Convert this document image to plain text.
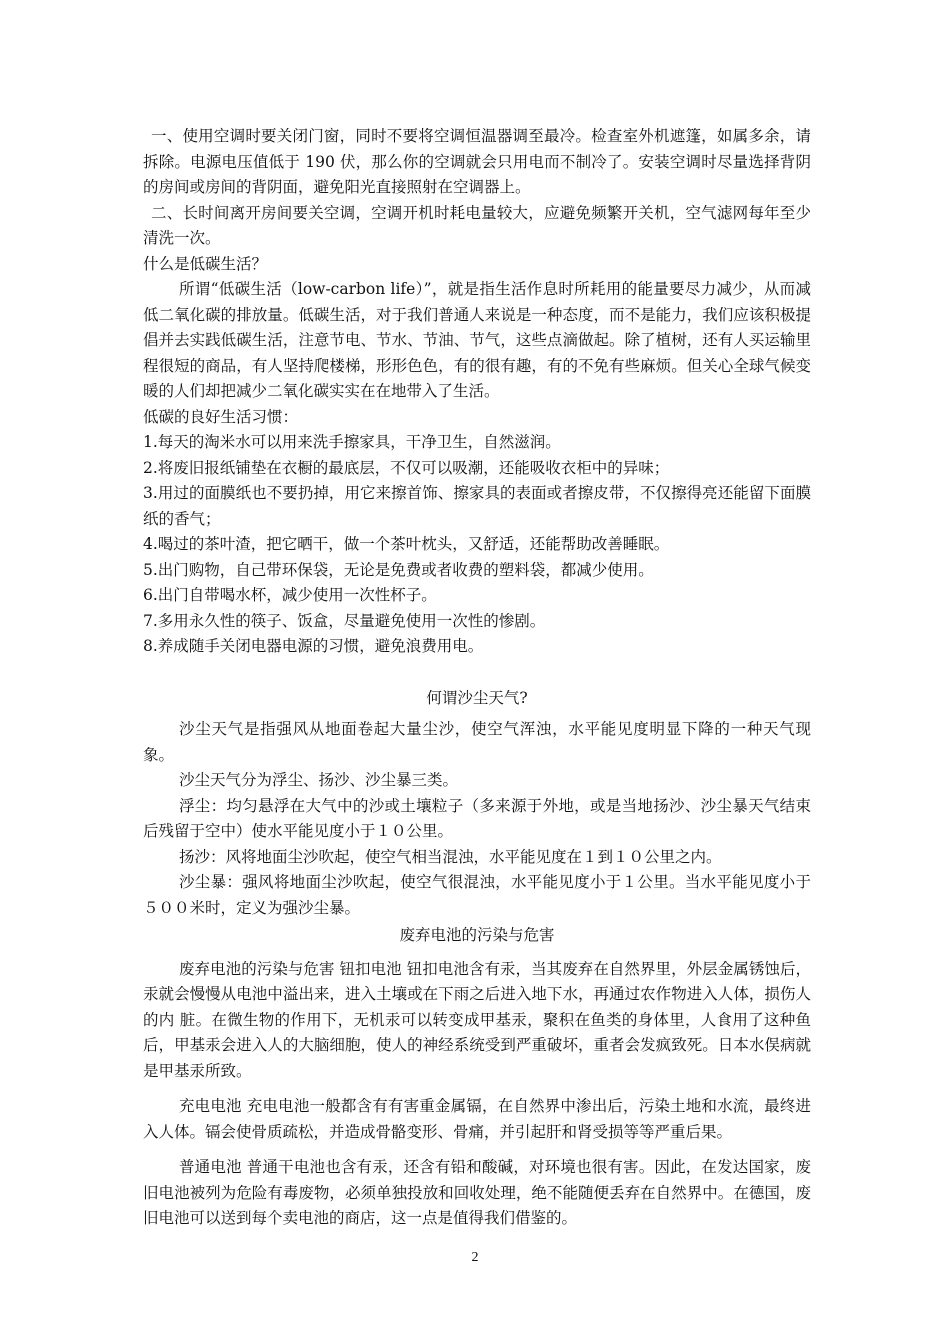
一、使用空调时要关闭门窗，同时不要将空调恒温器调至最冷。检查室外机遮篷，如属多余，请拆除。电源电压值低于 190 伏，那么你的空调就会只用电而不制冷了。安装空调时尽量选择背阴的房间或房间的背阴面，避免阳光直接照射在空调器上。

二、长时间离开房间要关空调，空调开机时耗电量较大，应避免频繁开关机，空气滤网每年至少清洗一次。

什么是低碳生活？

所谓“低碳生活（low-carbon life）”，就是指生活作息时所耗用的能量要尽力减少，从而减低二氧化碳的排放量。低碳生活，对于我们普通人来说是一种态度，而不是能力，我们应该积极提倡并去实践低碳生活，注意节电、节水、节油、节气，这些点滴做起。除了植树，还有人买运输里程很短的商品，有人坚持爬楼梯，形形色色，有的很有趣，有的不免有些麻烦。但关心全球气候变暖的人们却把减少二氧化碳实实在在地带入了生活。

低碳的良好生活习惯：

1.每天的淘米水可以用来洗手擦家具，干净卫生，自然滋润。

2.将废旧报纸铺垫在衣橱的最底层，不仅可以吸潮，还能吸收衣柜中的异味；

3.用过的面膜纸也不要扔掉，用它来擦首饰、擦家具的表面或者擦皮带，不仅擦得亮还能留下面膜纸的香气；

4.喝过的茶叶渣，把它晒干，做一个茶叶枕头，又舒适，还能帮助改善睡眠。

5.出门购物，自己带环保袋，无论是免费或者收费的塑料袋，都减少使用。

6.出门自带喝水杯，减少使用一次性杯子。

7.多用永久性的筷子、饭盒，尽量避免使用一次性的惨剧。

8.养成随手关闭电器电源的习惯，避免浪费用电。

何谓沙尘天气?

沙尘天气是指强风从地面卷起大量尘沙，使空气浑浊，水平能见度明显下降的一种天气现象。

沙尘天气分为浮尘、扬沙、沙尘暴三类。

浮尘：均匀悬浮在大气中的沙或土壤粒子（多来源于外地，或是当地扬沙、沙尘暴天气结束后残留于空中）使水平能见度小于１０公里。

扬沙：风将地面尘沙吹起，使空气相当混浊，水平能见度在１到１０公里之内。

沙尘暴：强风将地面尘沙吹起，使空气很混浊，水平能见度小于１公里。当水平能见度小于５００米时，定义为强沙尘暴。

废弃电池的污染与危害

废弃电池的污染与危害 钮扣电池 钮扣电池含有汞，当其废弃在自然界里，外层金属锈蚀后，汞就会慢慢从电池中溢出来，进入土壤或在下雨之后进入地下水，再通过农作物进入人体，损伤人的内 脏。在微生物的作用下，无机汞可以转变成甲基汞，聚积在鱼类的身体里，人食用了这种鱼后，甲基汞会进入人的大脑细胞，使人的神经系统受到严重破坏，重者会发疯致死。日本水俣病就是甲基汞所致。

充电电池 充电电池一般都含有有害重金属镉，在自然界中渗出后，污染土地和水流，最终进入人体。镉会使骨质疏松，并造成骨骼变形、骨痛，并引起肝和肾受损等等严重后果。

普通电池 普通干电池也含有汞，还含有铅和酸碱，对环境也很有害。因此，在发达国家，废旧电池被列为危险有毒废物，必须单独投放和回收处理，绝不能随便丢弃在自然界中。在德国，废旧电池可以送到每个卖电池的商店，这一点是值得我们借鉴的。

2
